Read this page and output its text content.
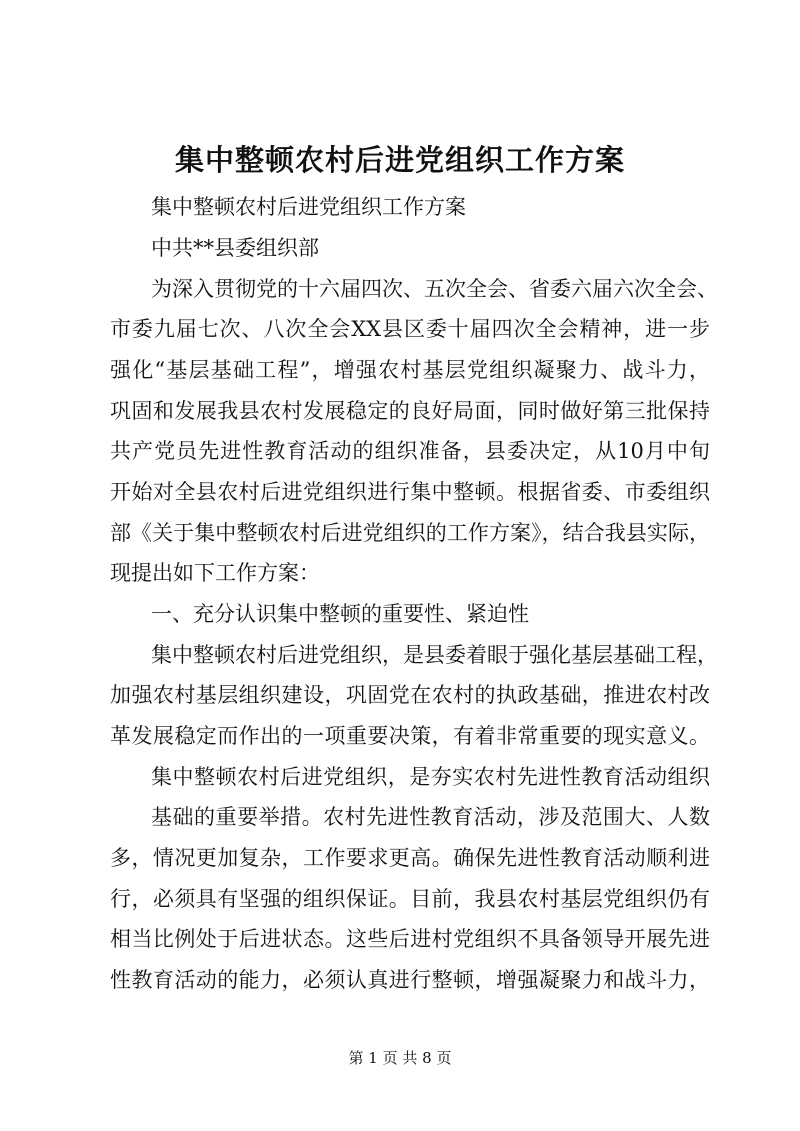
集中整顿农村后进党组织工作方案
集中整顿农村后进党组织工作方案
中共**县委组织部
为深入贯彻党的十六届四次、五次全会、省委六届六次全会、
市委九届七次、八次全会XX县区委十届四次全会精神，进一步
强化“基层基础工程”，增强农村基层党组织凝聚力、战斗力，
巩固和发展我县农村发展稳定的良好局面，同时做好第三批保持
共产党员先进性教育活动的组织准备，县委决定，从10月中旬
开始对全县农村后进党组织进行集中整顿。根据省委、市委组织
部《关于集中整顿农村后进党组织的工作方案》，结合我县实际，
现提出如下工作方案：
一、充分认识集中整顿的重要性、紧迫性
集中整顿农村后进党组织，是县委着眼于强化基层基础工程，
加强农村基层组织建设，巩固党在农村的执政基础，推进农村改
革发展稳定而作出的一项重要决策，有着非常重要的现实意义。
集中整顿农村后进党组织，是夯实农村先进性教育活动组织
基础的重要举措。农村先进性教育活动，涉及范围大、人数
多，情况更加复杂，工作要求更高。确保先进性教育活动顺利进
行，必须具有坚强的组织保证。目前，我县农村基层党组织仍有
相当比例处于后进状态。这些后进村党组织不具备领导开展先进
性教育活动的能力，必须认真进行整顿，增强凝聚力和战斗力，
第 1 页 共 8 页
